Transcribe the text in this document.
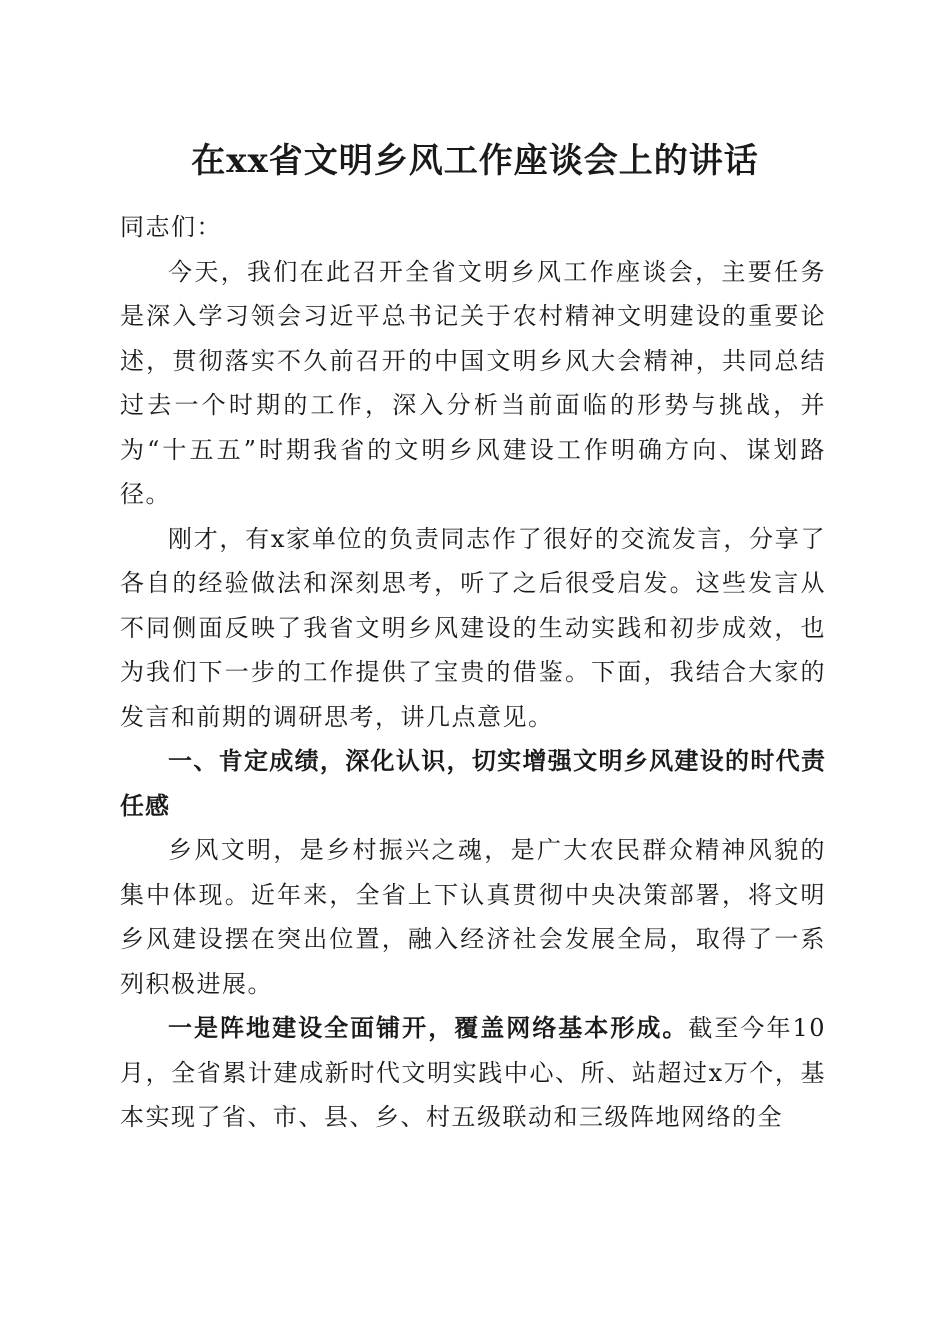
在xx省文明乡风工作座谈会上的讲话

同志们：

今天，我们在此召开全省文明乡风工作座谈会，主要任务是深入学习领会习近平总书记关于农村精神文明建设的重要论述，贯彻落实不久前召开的中国文明乡风大会精神，共同总结过去一个时期的工作，深入分析当前面临的形势与挑战，并为“十五五”时期我省的文明乡风建设工作明确方向、谋划路径。

刚才，有x家单位的负责同志作了很好的交流发言，分享了各自的经验做法和深刻思考，听了之后很受启发。这些发言从不同侧面反映了我省文明乡风建设的生动实践和初步成效，也为我们下一步的工作提供了宝贵的借鉴。下面，我结合大家的发言和前期的调研思考，讲几点意见。

一、肯定成绩，深化认识，切实增强文明乡风建设的时代责任感

乡风文明，是乡村振兴之魂，是广大农民群众精神风貌的集中体现。近年来，全省上下认真贯彻中央决策部署，将文明乡风建设摆在突出位置，融入经济社会发展全局，取得了一系列积极进展。

一是阵地建设全面铺开，覆盖网络基本形成。截至今年10月，全省累计建成新时代文明实践中心、所、站超过x万个，基本实现了省、市、县、乡、村五级联动和三级阵地网络的全
